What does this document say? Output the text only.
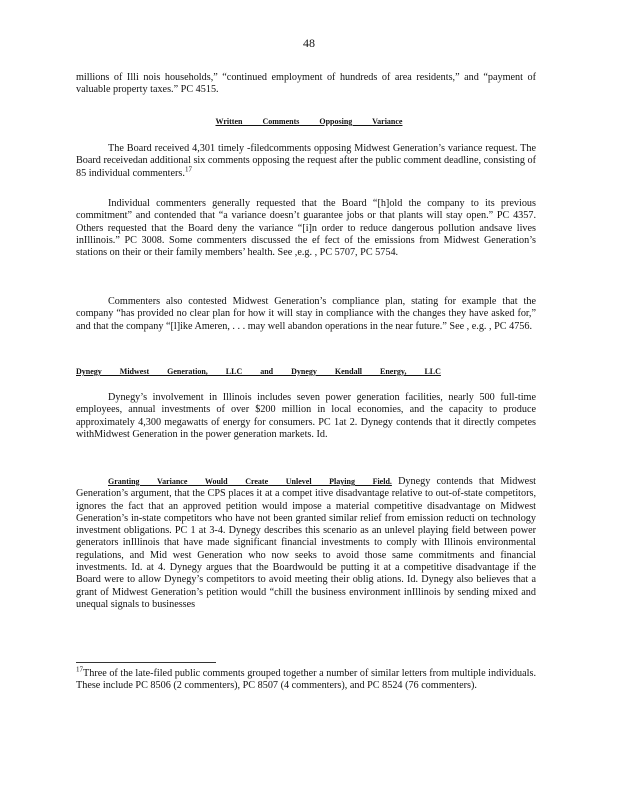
48

millions of Illi nois households,” “continued employment of hundreds of area residents,” and “payment of valuable property taxes.” PC 4515.

Written Comments Opposing Variance

The Board received 4,301 timely -filedcomments opposing Midwest Generation’s variance request. The Board receivedan additional six comments opposing the request after the public comment deadline, consisting of 85 individual commenters.$^{17}$

Individual commenters generally requested that the Board “[h]old the company to its previous commitment” and contended that “a variance doesn’t guarantee jobs or that plants will stay open.” PC 4357. Others requested that the Board deny the variance “[i]n order to reduce dangerous pollution andsave lives inIllinois.” PC 3008. Some commenters discussed the ef fect of the emissions from Midwest Generation’s stations on their or their family members’ health. See ,e.g. , PC 5707, PC 5754.

Commenters also contested Midwest Generation’s compliance plan, stating for example that the company “has provided no clear plan for how it will stay in compliance with the changes they have asked for,” and that the company “[l]ike Ameren, . . . may well abandon operations in the near future.” See , e.g. , PC 4756.

Dynegy Midwest Generation, LLC and Dynegy Kendall Energy, LLC

Dynegy’s involvement in Illinois includes seven power generation facilities, nearly 500 full-time employees, annual investments of over $200 million in local economies, and the capacity to produce approximately 4,300 megawatts of energy for consumers. PC 1at 2. Dynegy contends that it directly competes withMidwest Generation in the power generation markets. Id.

Granting Variance Would Create Unlevel Playing Field. Dynegy contends that Midwest Generation’s argument, that the CPS places it at a compet itive disadvantage relative to out-of-state competitors, ignores the fact that an approved petition would impose a material competitive disadvantage on Midwest Generation’s in-state competitors who have not been granted similar relief from emission reducti on technology investment obligations. PC 1 at 3-4. Dynegy describes this scenario as an unlevel playing field between power generators inIllinois that have made significant financial investments to comply with Illinois environmental regulations, and Mid west Generation who now seeks to avoid those same commitments and financial investments. Id. at 4. Dynegy argues that the Boardwould be putting it at a competitive disadvantage if the Board were to allow Dynegy’s competitors to avoid meeting their oblig ations. Id. Dynegy also believes that a grant of Midwest Generation’s petition would “chill the business environment inIllinois by sending mixed and unequal signals to businesses

$^{17}$Three of the late-filed public comments grouped together a number of similar letters from multiple individuals. These include PC 8506 (2 commenters), PC 8507 (4 commenters), and PC 8524 (76 commenters).
